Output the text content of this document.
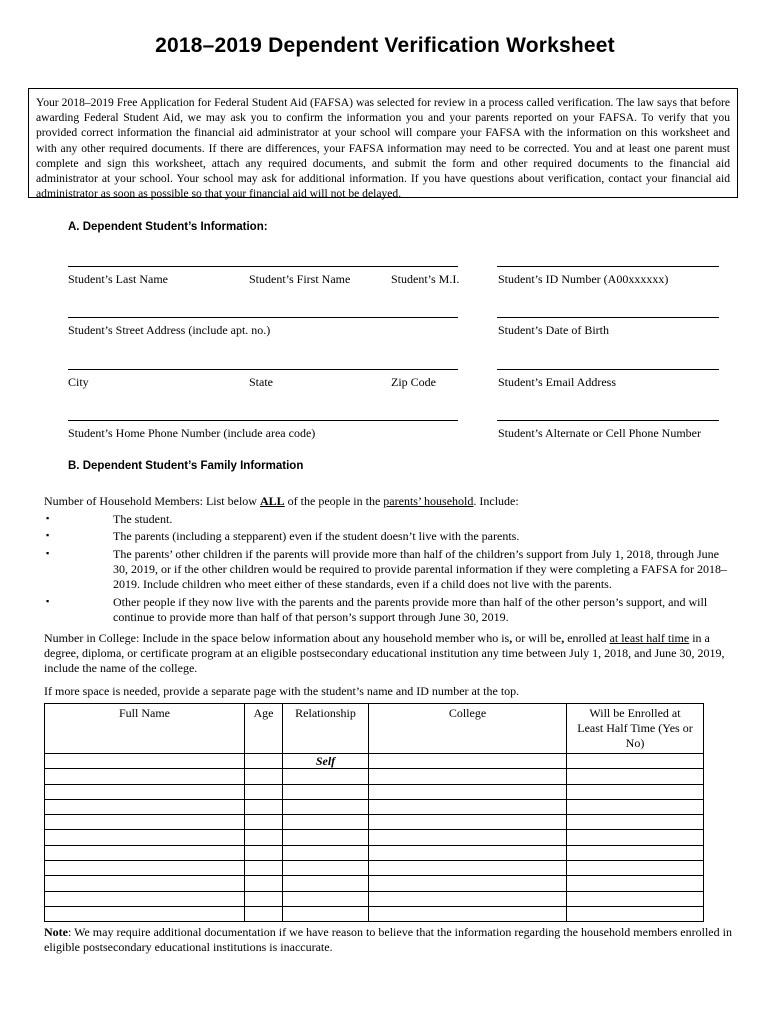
2018–2019 Dependent Verification Worksheet
Your 2018–2019 Free Application for Federal Student Aid (FAFSA) was selected for review in a process called verification. The law says that before awarding Federal Student Aid, we may ask you to confirm the information you and your parents reported on your FAFSA. To verify that you provided correct information the financial aid administrator at your school will compare your FAFSA with the information on this worksheet and with any other required documents. If there are differences, your FAFSA information may need to be corrected. You and at least one parent must complete and sign this worksheet, attach any required documents, and submit the form and other required documents to the financial aid administrator at your school. Your school may ask for additional information. If you have questions about verification, contact your financial aid administrator as soon as possible so that your financial aid will not be delayed.
A. Dependent Student’s Information:
Student’s Last Name	Student’s First Name	Student’s M.I.	Student’s ID Number (A00xxxxxx)
Student’s Street Address (include apt. no.)	Student’s Date of Birth
City	State	Zip Code	Student’s Email Address
Student’s Home Phone Number (include area code)	Student’s Alternate or Cell Phone Number
B. Dependent Student’s Family Information
Number of Household Members: List below ALL of the people in the parents’ household. Include:
▪	The student.
▪	The parents (including a stepparent) even if the student doesn’t live with the parents.
▪	The parents’ other children if the parents will provide more than half of the children’s support from July 1, 2018, through June 30, 2019, or if the other children would be required to provide parental information if they were completing a FAFSA for 2018–2019. Include children who meet either of these standards, even if a child does not live with the parents.
▪	Other people if they now live with the parents and the parents provide more than half of the other person’s support, and will continue to provide more than half of that person’s support through June 30, 2019.
Number in College: Include in the space below information about any household member who is, or will be, enrolled at least half time in a degree, diploma, or certificate program at an eligible postsecondary educational institution any time between July 1, 2018, and June 30, 2019, include the name of the college.
If more space is needed, provide a separate page with the student’s name and ID number at the top.
Full Name	Age	Relationship	College	Will be Enrolled at Least Half Time (Yes or No)
		Self		

Note: We may require additional documentation if we have reason to believe that the information regarding the household members enrolled in eligible postsecondary educational institutions is inaccurate.
